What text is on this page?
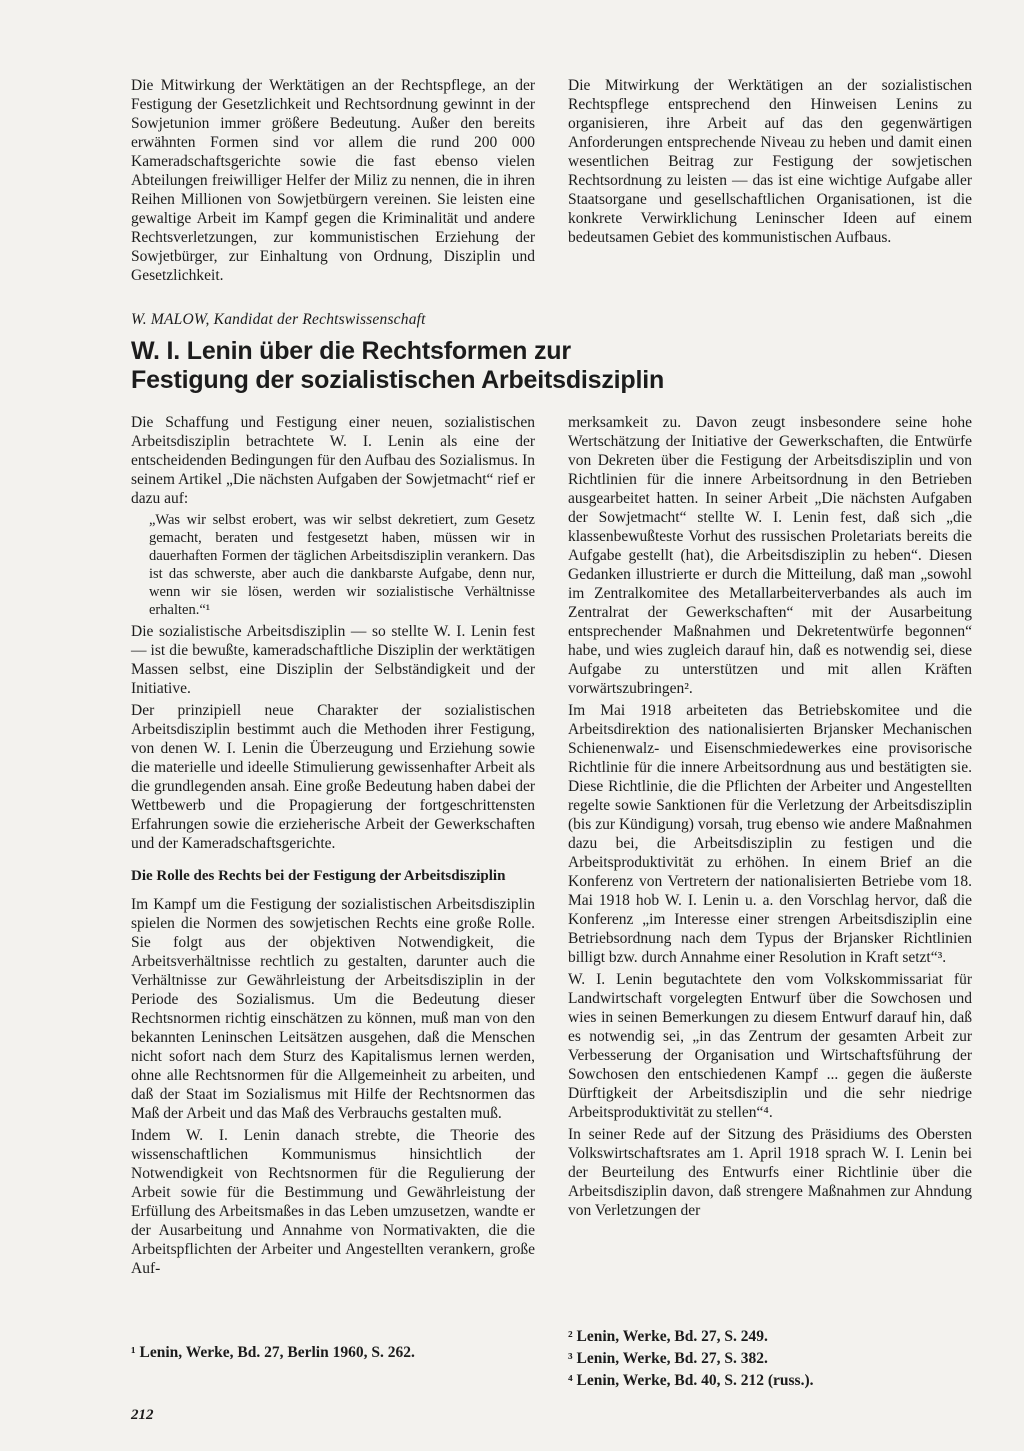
Die Mitwirkung der Werktätigen an der Rechtspflege, an der Festigung der Gesetzlichkeit und Rechtsordnung gewinnt in der Sowjetunion immer größere Bedeutung. Außer den bereits erwähnten Formen sind vor allem die rund 200 000 Kameradschaftsgerichte sowie die fast ebenso vielen Abteilungen freiwilliger Helfer der Miliz zu nennen, die in ihren Reihen Millionen von Sowjetbürgern vereinen. Sie leisten eine gewaltige Arbeit im Kampf gegen die Kriminalität und andere Rechtsverletzungen, zur kommunistischen Erziehung der Sowjetbürger, zur Einhaltung von Ordnung, Disziplin und Gesetzlichkeit.

Die Mitwirkung der Werktätigen an der sozialistischen Rechtspflege entsprechend den Hinweisen Lenins zu organisieren, ihre Arbeit auf das den gegenwärtigen Anforderungen entsprechende Niveau zu heben und damit einen wesentlichen Beitrag zur Festigung der sowjetischen Rechtsordnung zu leisten — das ist eine wichtige Aufgabe aller Staatsorgane und gesellschaftlichen Organisationen, ist die konkrete Verwirklichung Leninscher Ideen auf einem bedeutsamen Gebiet des kommunistischen Aufbaus.

W. MALOW, Kandidat der Rechtswissenschaft
W. I. Lenin über die Rechtsformen zur Festigung der sozialistischen Arbeitsdisziplin

Die Schaffung und Festigung einer neuen, sozialistischen Arbeitsdisziplin betrachtete W. I. Lenin als eine der entscheidenden Bedingungen für den Aufbau des Sozialismus. In seinem Artikel „Die nächsten Aufgaben der Sowjetmacht“ rief er dazu auf:

„Was wir selbst erobert, was wir selbst dekretiert, zum Gesetz gemacht, beraten und festgesetzt haben, müssen wir in dauerhaften Formen der täglichen Arbeitsdisziplin verankern. Das ist das schwerste, aber auch die dankbarste Aufgabe, denn nur, wenn wir sie lösen, werden wir sozialistische Verhältnisse erhalten.“¹

Die sozialistische Arbeitsdisziplin — so stellte W. I. Lenin fest — ist die bewußte, kameradschaftliche Disziplin der werktätigen Massen selbst, eine Disziplin der Selbständigkeit und der Initiative.

Der prinzipiell neue Charakter der sozialistischen Arbeitsdisziplin bestimmt auch die Methoden ihrer Festigung, von denen W. I. Lenin die Überzeugung und Erziehung sowie die materielle und ideelle Stimulierung gewissenhafter Arbeit als die grundlegenden ansah. Eine große Bedeutung haben dabei der Wettbewerb und die Propagierung der fortgeschrittensten Erfahrungen sowie die erzieherische Arbeit der Gewerkschaften und der Kameradschaftsgerichte.

Die Rolle des Rechts bei der Festigung der Arbeitsdisziplin

Im Kampf um die Festigung der sozialistischen Arbeitsdisziplin spielen die Normen des sowjetischen Rechts eine große Rolle. Sie folgt aus der objektiven Notwendigkeit, die Arbeitsverhältnisse rechtlich zu gestalten, darunter auch die Verhältnisse zur Gewährleistung der Arbeitsdisziplin in der Periode des Sozialismus. Um die Bedeutung dieser Rechtsnormen richtig einschätzen zu können, muß man von den bekannten Leninschen Leitsätzen ausgehen, daß die Menschen nicht sofort nach dem Sturz des Kapitalismus lernen werden, ohne alle Rechtsnormen für die Allgemeinheit zu arbeiten, und daß der Staat im Sozialismus mit Hilfe der Rechtsnormen das Maß der Arbeit und das Maß des Verbrauchs gestalten muß.

Indem W. I. Lenin danach strebte, die Theorie des wissenschaftlichen Kommunismus hinsichtlich der Notwendigkeit von Rechtsnormen für die Regulierung der Arbeit sowie für die Bestimmung und Gewährleistung der Erfüllung des Arbeitsmaßes in das Leben umzusetzen, wandte er der Ausarbeitung und Annahme von Normativakten, die die Arbeitspflichten der Arbeiter und Angestellten verankern, große Auf-

¹ Lenin, Werke, Bd. 27, Berlin 1960, S. 262.

merksamkeit zu. Davon zeugt insbesondere seine hohe Wertschätzung der Initiative der Gewerkschaften, die Entwürfe von Dekreten über die Festigung der Arbeitsdisziplin und von Richtlinien für die innere Arbeitsordnung in den Betrieben ausgearbeitet hatten. In seiner Arbeit „Die nächsten Aufgaben der Sowjetmacht“ stellte W. I. Lenin fest, daß sich „die klassenbewußteste Vorhut des russischen Proletariats bereits die Aufgabe gestellt (hat), die Arbeitsdisziplin zu heben“. Diesen Gedanken illustrierte er durch die Mitteilung, daß man „sowohl im Zentralkomitee des Metallarbeiterverbandes als auch im Zentralrat der Gewerkschaften“ mit der Ausarbeitung entsprechender Maßnahmen und Dekretentwürfe begonnen“ habe, und wies zugleich darauf hin, daß es notwendig sei, diese Aufgabe zu unterstützen und mit allen Kräften vorwärtszubringen².

Im Mai 1918 arbeiteten das Betriebskomitee und die Arbeitsdirektion des nationalisierten Brjansker Mechanischen Schienenwalz- und Eisenschmiedewerkes eine provisorische Richtlinie für die innere Arbeitsordnung aus und bestätigten sie. Diese Richtlinie, die die Pflichten der Arbeiter und Angestellten regelte sowie Sanktionen für die Verletzung der Arbeitsdisziplin (bis zur Kündigung) vorsah, trug ebenso wie andere Maßnahmen dazu bei, die Arbeitsdisziplin zu festigen und die Arbeitsproduktivität zu erhöhen. In einem Brief an die Konferenz von Vertretern der nationalisierten Betriebe vom 18. Mai 1918 hob W. I. Lenin u. a. den Vorschlag hervor, daß die Konferenz „im Interesse einer strengen Arbeitsdisziplin eine Betriebsordnung nach dem Typus der Brjansker Richtlinien billigt bzw. durch Annahme einer Resolution in Kraft setzt“³.

W. I. Lenin begutachtete den vom Volkskommissariat für Landwirtschaft vorgelegten Entwurf über die Sowchosen und wies in seinen Bemerkungen zu diesem Entwurf darauf hin, daß es notwendig sei, „in das Zentrum der gesamten Arbeit zur Verbesserung der Organisation und Wirtschaftsführung der Sowchosen den entschiedenen Kampf ... gegen die äußerste Dürftigkeit der Arbeitsdisziplin und die sehr niedrige Arbeitsproduktivität zu stellen“⁴.

In seiner Rede auf der Sitzung des Präsidiums des Obersten Volkswirtschaftsrates am 1. April 1918 sprach W. I. Lenin bei der Beurteilung des Entwurfs einer Richtlinie über die Arbeitsdisziplin davon, daß strengere Maßnahmen zur Ahndung von Verletzungen der

² Lenin, Werke, Bd. 27, S. 249.

³ Lenin, Werke, Bd. 27, S. 382.

⁴ Lenin, Werke, Bd. 40, S. 212 (russ.).

212
